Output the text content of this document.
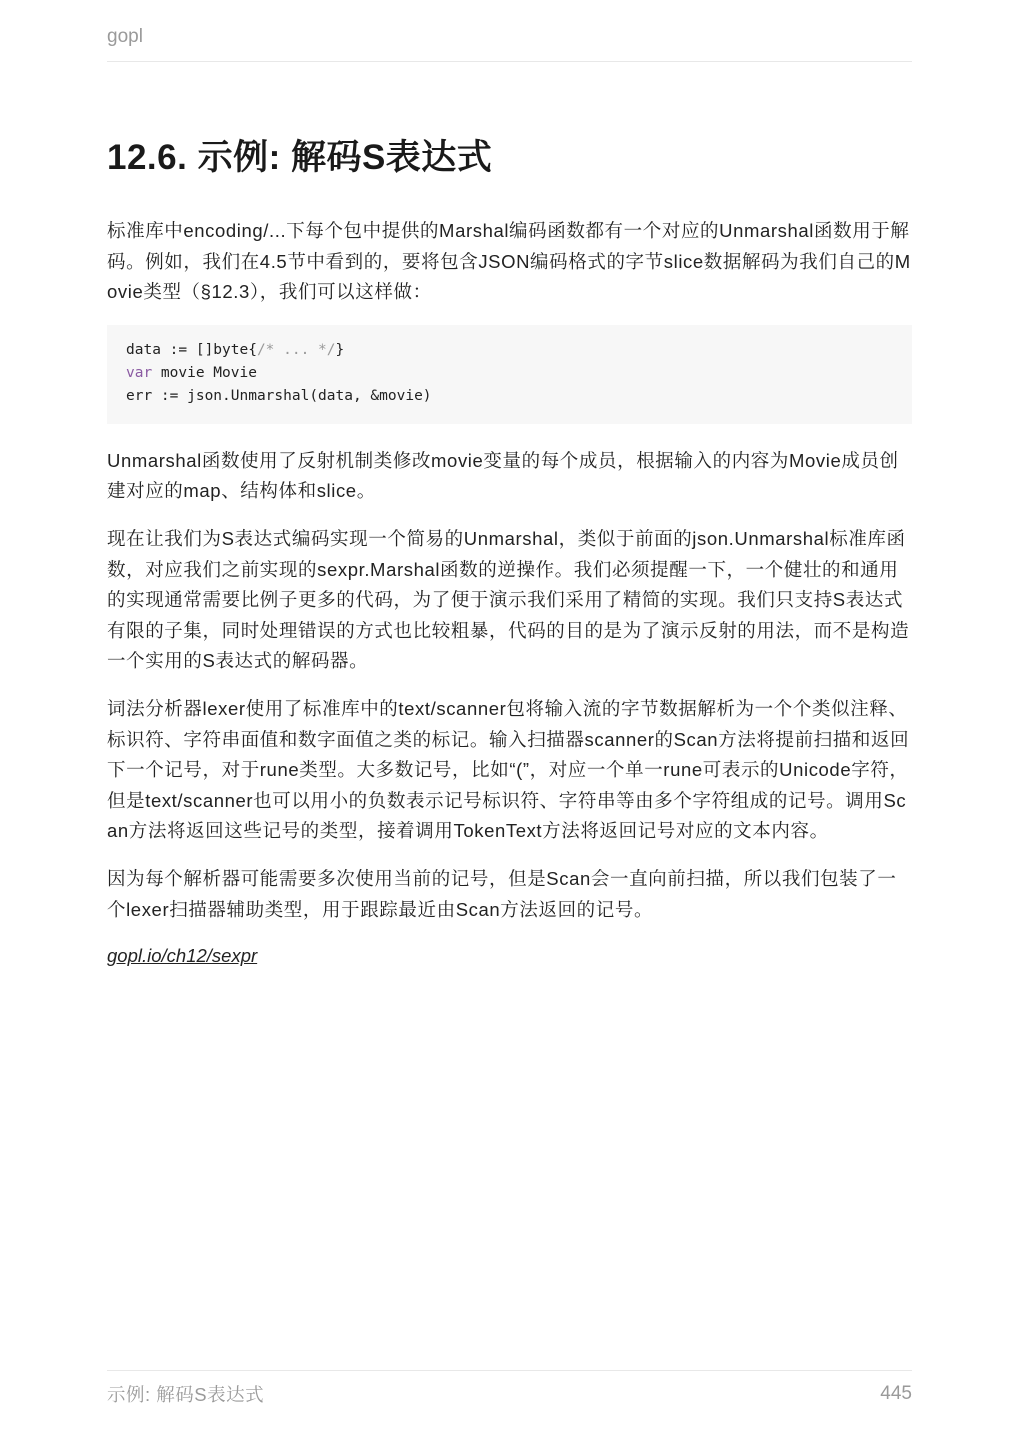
gopl
12.6. 示例: 解码S表达式

标准库中encoding/...下每个包中提供的Marshal编码函数都有一个对应的Unmarshal函数用于解码。例如，我们在4.5节中看到的，要将包含JSON编码格式的字节slice数据解码为我们自己的Movie类型（§12.3），我们可以这样做：

data := []byte{/* ... */}
var movie Movie
err := json.Unmarshal(data, &movie)

Unmarshal函数使用了反射机制类修改movie变量的每个成员，根据输入的内容为Movie成员创建对应的map、结构体和slice。

现在让我们为S表达式编码实现一个简易的Unmarshal，类似于前面的json.Unmarshal标准库函数，对应我们之前实现的sexpr.Marshal函数的逆操作。我们必须提醒一下，一个健壮的和通用的实现通常需要比例子更多的代码，为了便于演示我们采用了精简的实现。我们只支持S表达式有限的子集，同时处理错误的方式也比较粗暴，代码的目的是为了演示反射的用法，而不是构造一个实用的S表达式的解码器。

词法分析器lexer使用了标准库中的text/scanner包将输入流的字节数据解析为一个个类似注释、标识符、字符串面值和数字面值之类的标记。输入扫描器scanner的Scan方法将提前扫描和返回下一个记号，对于rune类型。大多数记号，比如“(”，对应一个单一rune可表示的Unicode字符，但是text/scanner也可以用小的负数表示记号标识符、字符串等由多个字符组成的记号。调用Scan方法将返回这些记号的类型，接着调用TokenText方法将返回记号对应的文本内容。

因为每个解析器可能需要多次使用当前的记号，但是Scan会一直向前扫描，所以我们包装了一个lexer扫描器辅助类型，用于跟踪最近由Scan方法返回的记号。

gopl.io/ch12/sexpr
示例: 解码S表达式	445
